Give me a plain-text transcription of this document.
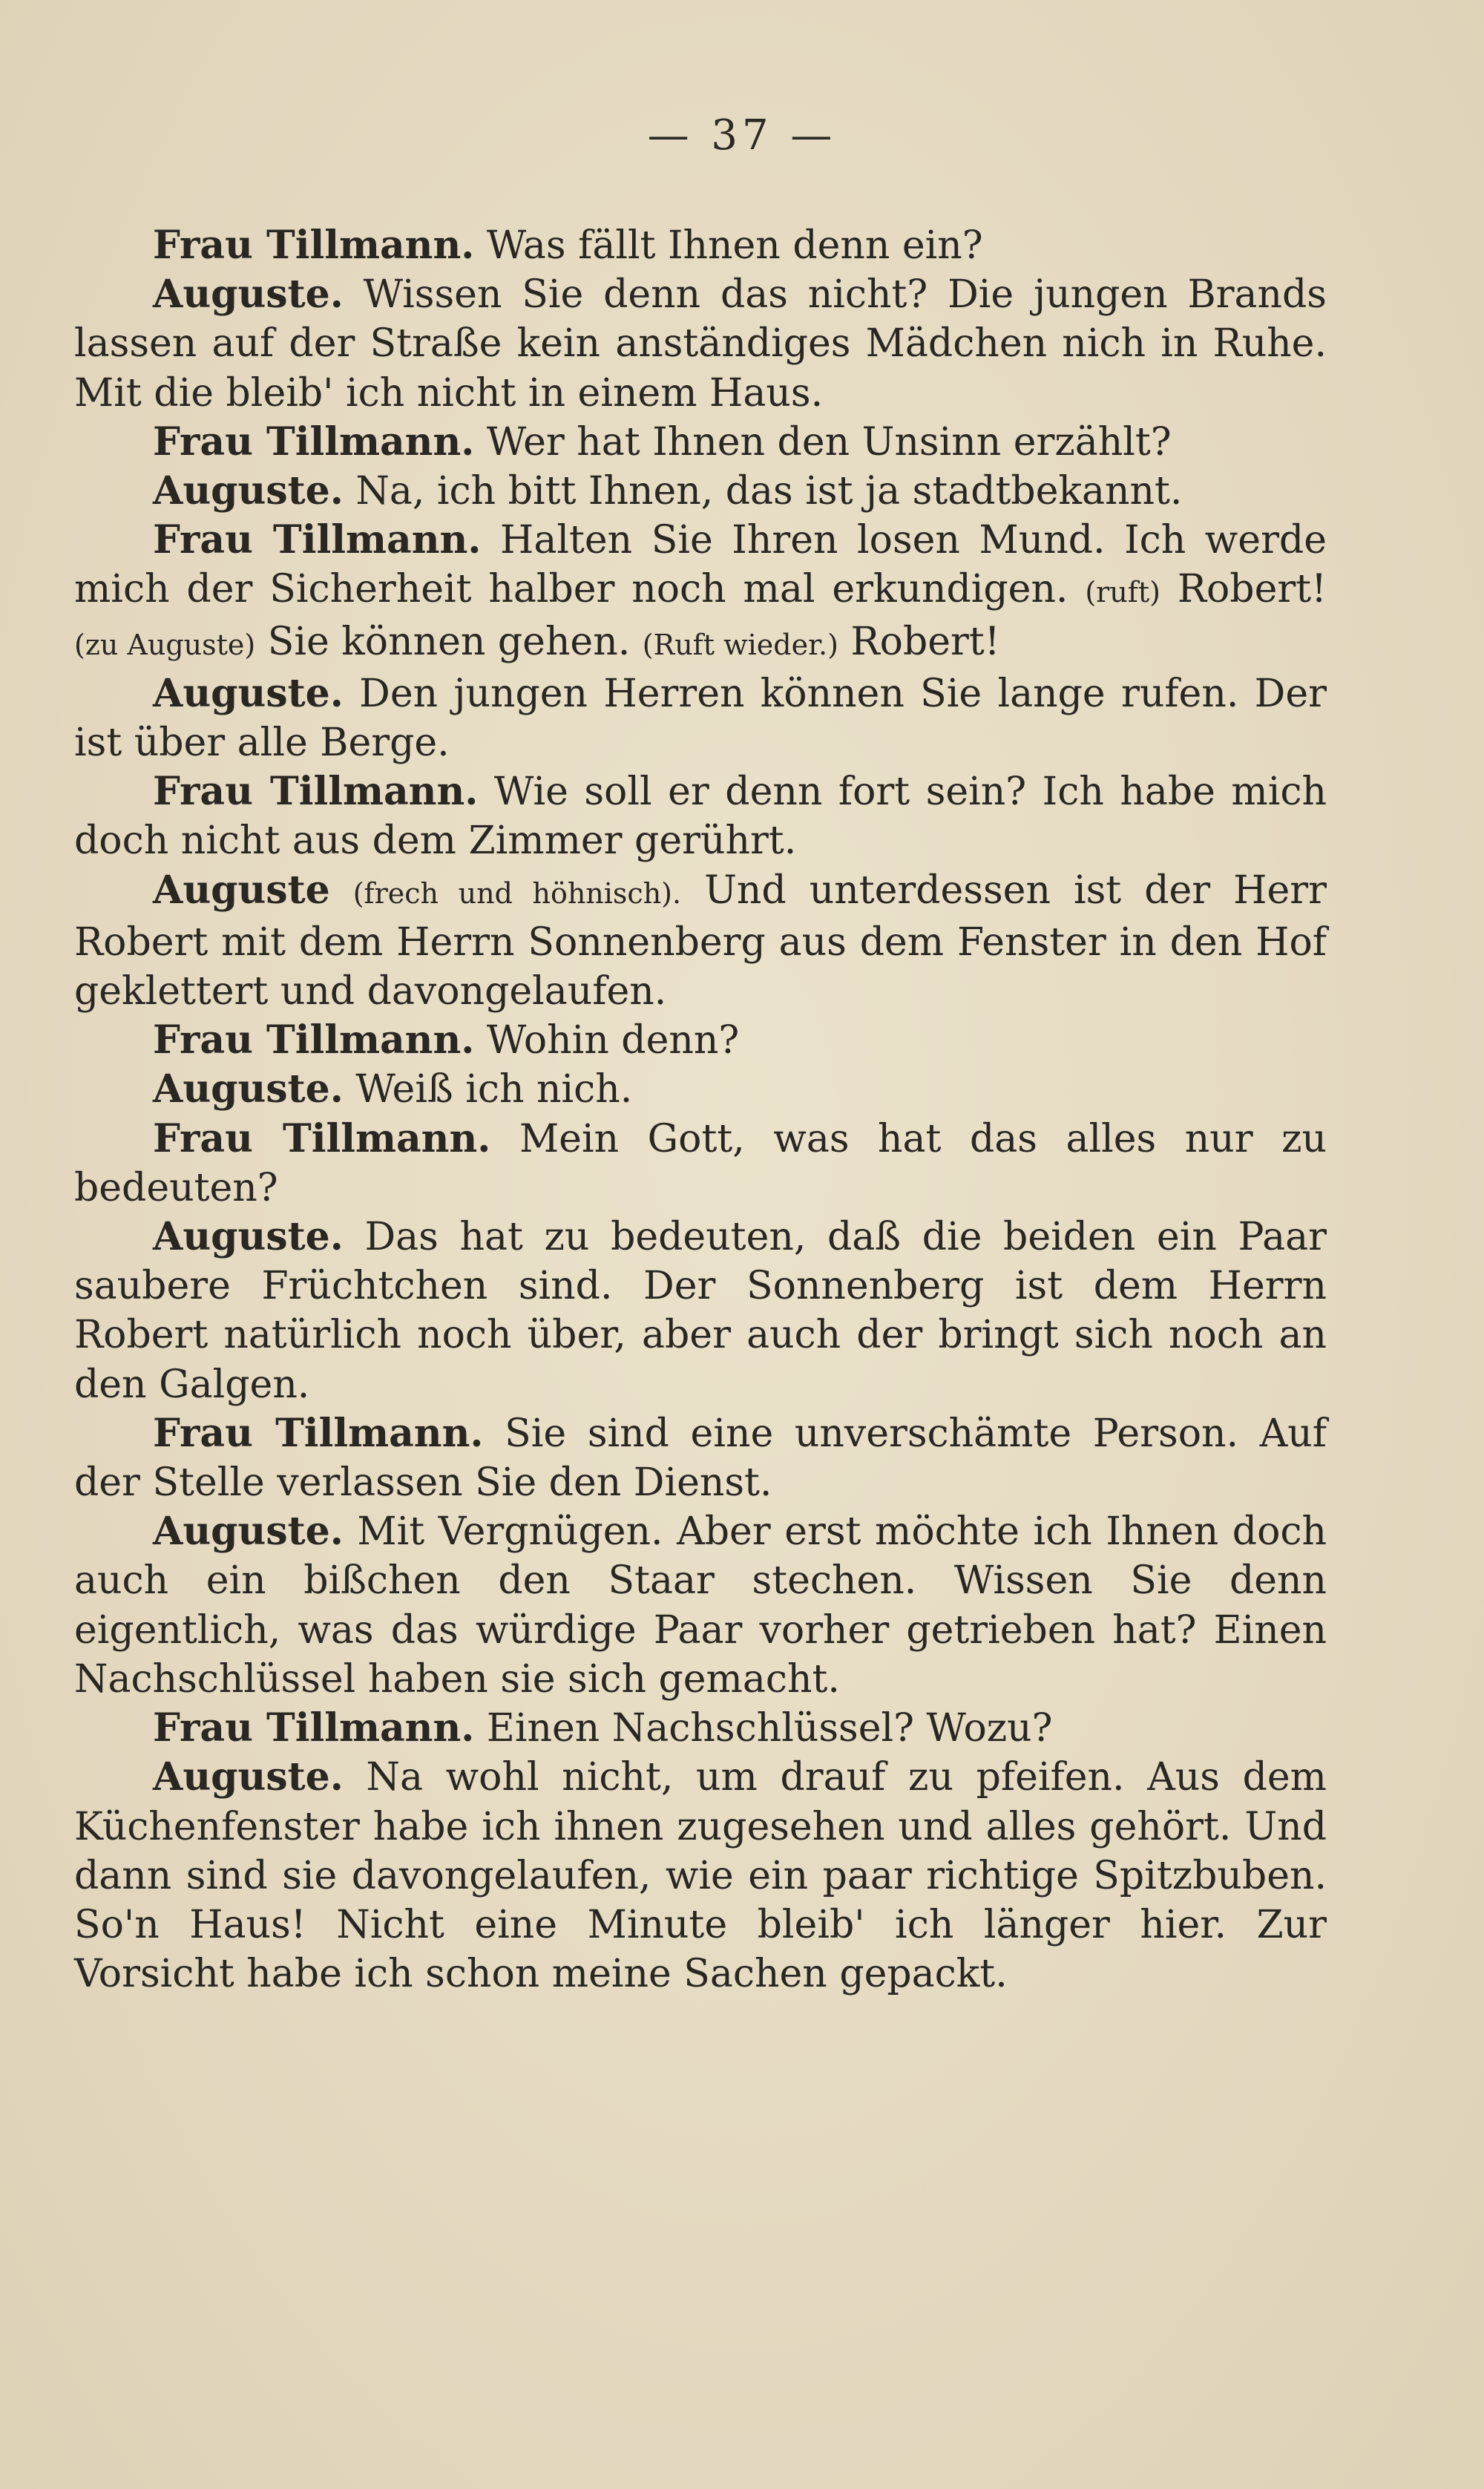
— 37 —

Frau Tillmann. Was fällt Ihnen denn ein?

Auguste. Wissen Sie denn das nicht? Die jungen Brands lassen auf der Straße kein anständiges Mädchen nich in Ruhe. Mit die bleib' ich nicht in einem Haus.

Frau Tillmann. Wer hat Ihnen den Unsinn erzählt?

Auguste. Na, ich bitt Ihnen, das ist ja stadtbekannt.

Frau Tillmann. Halten Sie Ihren losen Mund. Ich werde mich der Sicherheit halber noch mal erkundigen. (ruft) Robert! (zu Auguste) Sie können gehen. (Ruft wieder.) Robert!

Auguste. Den jungen Herren können Sie lange rufen. Der ist über alle Berge.

Frau Tillmann. Wie soll er denn fort sein? Ich habe mich doch nicht aus dem Zimmer gerührt.

Auguste (frech und höhnisch). Und unterdessen ist der Herr Robert mit dem Herrn Sonnenberg aus dem Fenster in den Hof geklettert und davongelaufen.

Frau Tillmann. Wohin denn?

Auguste. Weiß ich nich.

Frau Tillmann. Mein Gott, was hat das alles nur zu bedeuten?

Auguste. Das hat zu bedeuten, daß die beiden ein Paar saubere Früchtchen sind. Der Sonnenberg ist dem Herrn Robert natürlich noch über, aber auch der bringt sich noch an den Galgen.

Frau Tillmann. Sie sind eine unverschämte Person. Auf der Stelle verlassen Sie den Dienst.

Auguste. Mit Vergnügen. Aber erst möchte ich Ihnen doch auch ein bißchen den Staar stechen. Wissen Sie denn eigentlich, was das würdige Paar vorher getrieben hat? Einen Nachschlüssel haben sie sich gemacht.

Frau Tillmann. Einen Nachschlüssel? Wozu?

Auguste. Na wohl nicht, um drauf zu pfeifen. Aus dem Küchenfenster habe ich ihnen zugesehen und alles gehört. Und dann sind sie davongelaufen, wie ein paar richtige Spitzbuben. So'n Haus! Nicht eine Minute bleib' ich länger hier. Zur Vorsicht habe ich schon meine Sachen gepackt.
